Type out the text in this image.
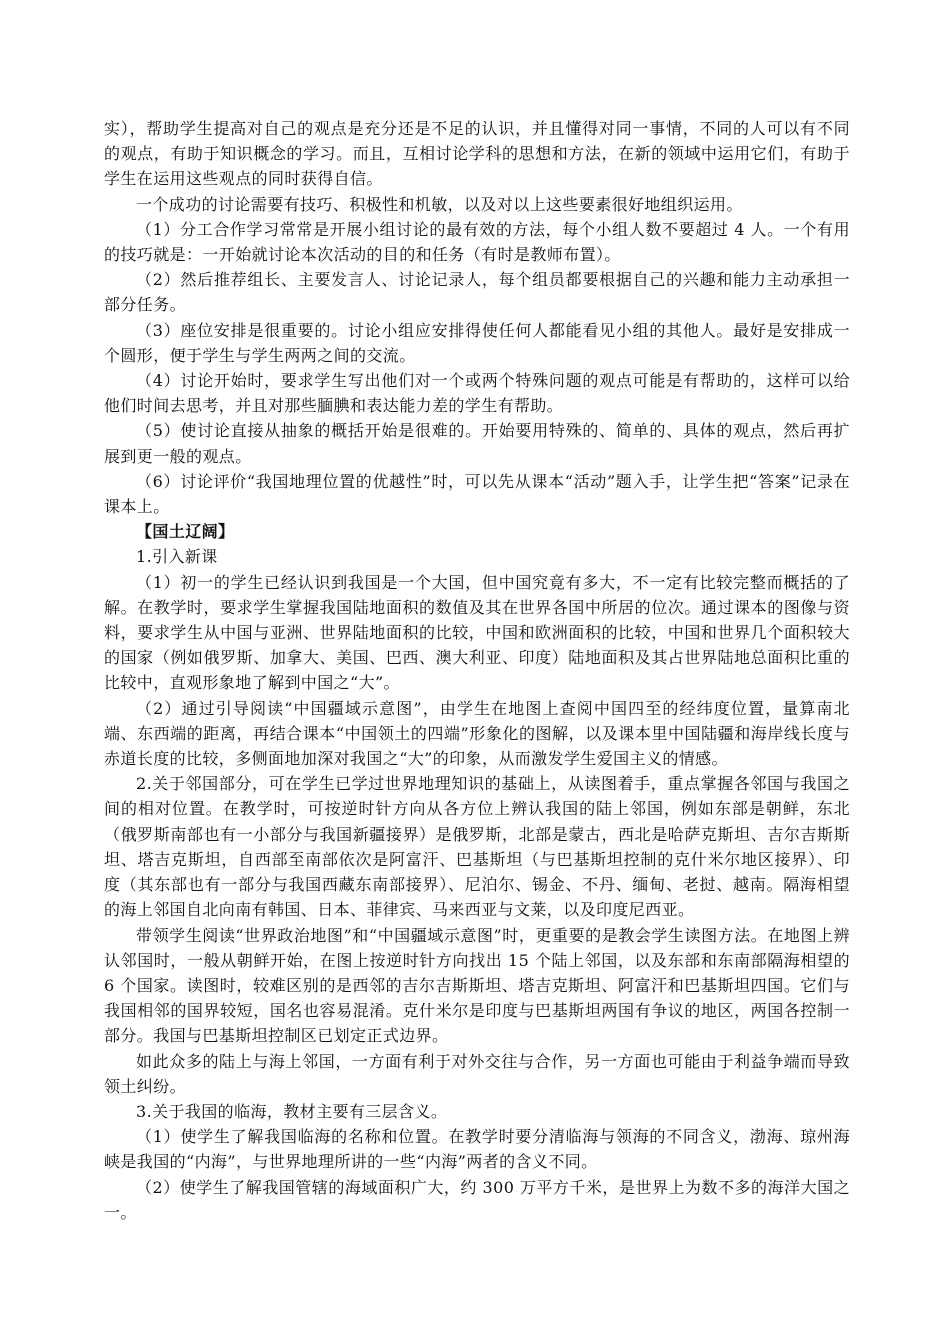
实），帮助学生提高对自己的观点是充分还是不足的认识，并且懂得对同一事情，不同的人可以有不同的观点，有助于知识概念的学习。而且，互相讨论学科的思想和方法，在新的领域中运用它们，有助于学生在运用这些观点的同时获得自信。

一个成功的讨论需要有技巧、积极性和机敏，以及对以上这些要素很好地组织运用。

（1）分工合作学习常常是开展小组讨论的最有效的方法，每个小组人数不要超过 4 人。一个有用的技巧就是：一开始就讨论本次活动的目的和任务（有时是教师布置）。

（2）然后推荐组长、主要发言人、讨论记录人，每个组员都要根据自己的兴趣和能力主动承担一部分任务。

（3）座位安排是很重要的。讨论小组应安排得使任何人都能看见小组的其他人。最好是安排成一个圆形，便于学生与学生两两之间的交流。

（4）讨论开始时，要求学生写出他们对一个或两个特殊问题的观点可能是有帮助的，这样可以给他们时间去思考，并且对那些腼腆和表达能力差的学生有帮助。

（5）使讨论直接从抽象的概括开始是很难的。开始要用特殊的、简单的、具体的观点，然后再扩展到更一般的观点。

（6）讨论评价“我国地理位置的优越性”时，可以先从课本“活动”题入手，让学生把“答案”记录在课本上。

【国土辽阔】

1.引入新课

（1）初一的学生已经认识到我国是一个大国，但中国究竟有多大，不一定有比较完整而概括的了解。在教学时，要求学生掌握我国陆地面积的数值及其在世界各国中所居的位次。通过课本的图像与资料，要求学生从中国与亚洲、世界陆地面积的比较，中国和欧洲面积的比较，中国和世界几个面积较大的国家（例如俄罗斯、加拿大、美国、巴西、澳大利亚、印度）陆地面积及其占世界陆地总面积比重的比较中，直观形象地了解到中国之“大”。

（2）通过引导阅读“中国疆域示意图”，由学生在地图上查阅中国四至的经纬度位置，量算南北端、东西端的距离，再结合课本“中国领土的四端”形象化的图解，以及课本里中国陆疆和海岸线长度与赤道长度的比较，多侧面地加深对我国之“大”的印象，从而激发学生爱国主义的情感。

2.关于邻国部分，可在学生已学过世界地理知识的基础上，从读图着手，重点掌握各邻国与我国之间的相对位置。在教学时，可按逆时针方向从各方位上辨认我国的陆上邻国，例如东部是朝鲜，东北（俄罗斯南部也有一小部分与我国新疆接界）是俄罗斯，北部是蒙古，西北是哈萨克斯坦、吉尔吉斯斯坦、塔吉克斯坦，自西部至南部依次是阿富汗、巴基斯坦（与巴基斯坦控制的克什米尔地区接界）、印度（其东部也有一部分与我国西藏东南部接界）、尼泊尔、锡金、不丹、缅甸、老挝、越南。隔海相望的海上邻国自北向南有韩国、日本、菲律宾、马来西亚与文莱，以及印度尼西亚。

带领学生阅读“世界政治地图”和“中国疆域示意图”时，更重要的是教会学生读图方法。在地图上辨认邻国时，一般从朝鲜开始，在图上按逆时针方向找出 15 个陆上邻国，以及东部和东南部隔海相望的 6 个国家。读图时，较难区别的是西邻的吉尔吉斯斯坦、塔吉克斯坦、阿富汗和巴基斯坦四国。它们与我国相邻的国界较短，国名也容易混淆。克什米尔是印度与巴基斯坦两国有争议的地区，两国各控制一部分。我国与巴基斯坦控制区已划定正式边界。

如此众多的陆上与海上邻国，一方面有利于对外交往与合作，另一方面也可能由于利益争端而导致领土纠纷。

3.关于我国的临海，教材主要有三层含义。

（1）使学生了解我国临海的名称和位置。在教学时要分清临海与领海的不同含义，渤海、琼州海峡是我国的“内海”，与世界地理所讲的一些“内海”两者的含义不同。

（2）使学生了解我国管辖的海域面积广大，约 300 万平方千米，是世界上为数不多的海洋大国之一。
